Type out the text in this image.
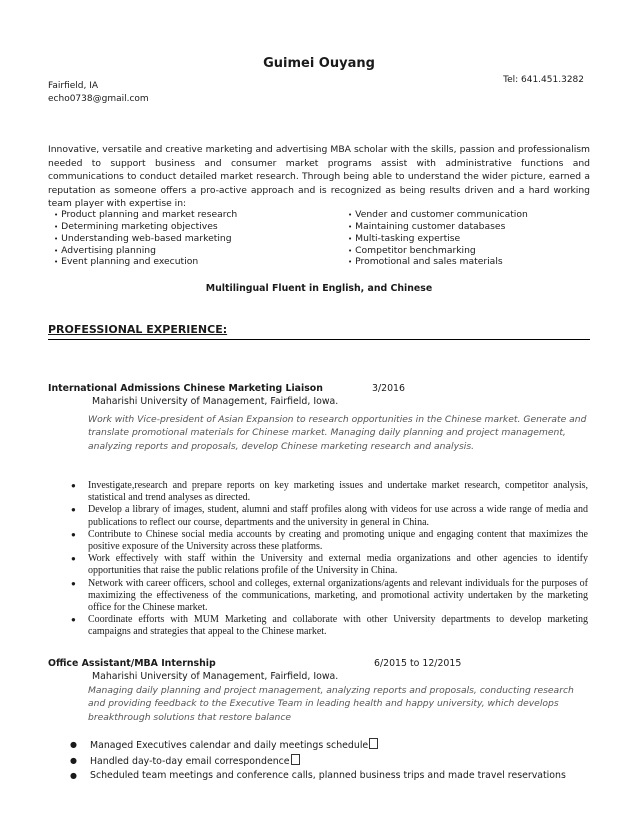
Guimei Ouyang
Tel: 641.451.3282
Fairfield, IA
echo0738@gmail.com
Innovative, versatile and creative marketing and advertising MBA scholar with the skills, passion and professionalism needed to support business and consumer market programs assist with administrative functions and communications to conduct detailed market research. Through being able to understand the wider picture, earned a reputation as someone offers a pro-active approach and is recognized as being results driven and a hard working team player with expertise in:
• Product planning and market research
• Determining marketing objectives
• Understanding web-based marketing
• Advertising planning
• Event planning and execution
• Vender and customer communication
• Maintaining customer databases
• Multi-tasking expertise
• Competitor benchmarking
• Promotional and sales materials
Multilingual Fluent in English, and Chinese
PROFESSIONAL EXPERIENCE:
International Admissions Chinese Marketing Liaison	3/2016
Maharishi University of Management, Fairfield, Iowa.
Work with Vice-president of Asian Expansion to research opportunities in the Chinese market. Generate and translate promotional materials for Chinese market. Managing daily planning and project management, analyzing reports and proposals, develop Chinese marketing research and analysis.
● Investigate,research and prepare reports on key marketing issues and undertake market research, competitor analysis, statistical and trend analyses as directed.
● Develop a library of images, student, alumni and staff profiles along with videos for use across a wide range of media and publications to reflect our course, departments and the university in general in China.
● Contribute to Chinese social media accounts by creating and promoting unique and engaging content that maximizes the positive exposure of the University across these platforms.
● Work effectively with staff within the University and external media organizations and other agencies to identify opportunities that raise the public relations profile of the University in China.
● Network with career officers, school and colleges, external organizations/agents and relevant individuals for the purposes of maximizing the effectiveness of the communications, marketing, and promotional activity undertaken by the marketing office for the Chinese market.
● Coordinate efforts with MUM Marketing and collaborate with other University departments to develop marketing campaigns and strategies that appeal to the Chinese market.
Office Assistant/MBA Internship	6/2015 to 12/2015
Maharishi University of Management, Fairfield, Iowa.
Managing daily planning and project management, analyzing reports and proposals, conducting research and providing feedback to the Executive Team in leading health and happy university, which develops breakthrough solutions that restore balance
● Managed Executives calendar and daily meetings schedule
● Handled day-to-day email correspondence
● Scheduled team meetings and conference calls, planned business trips and made travel reservations
